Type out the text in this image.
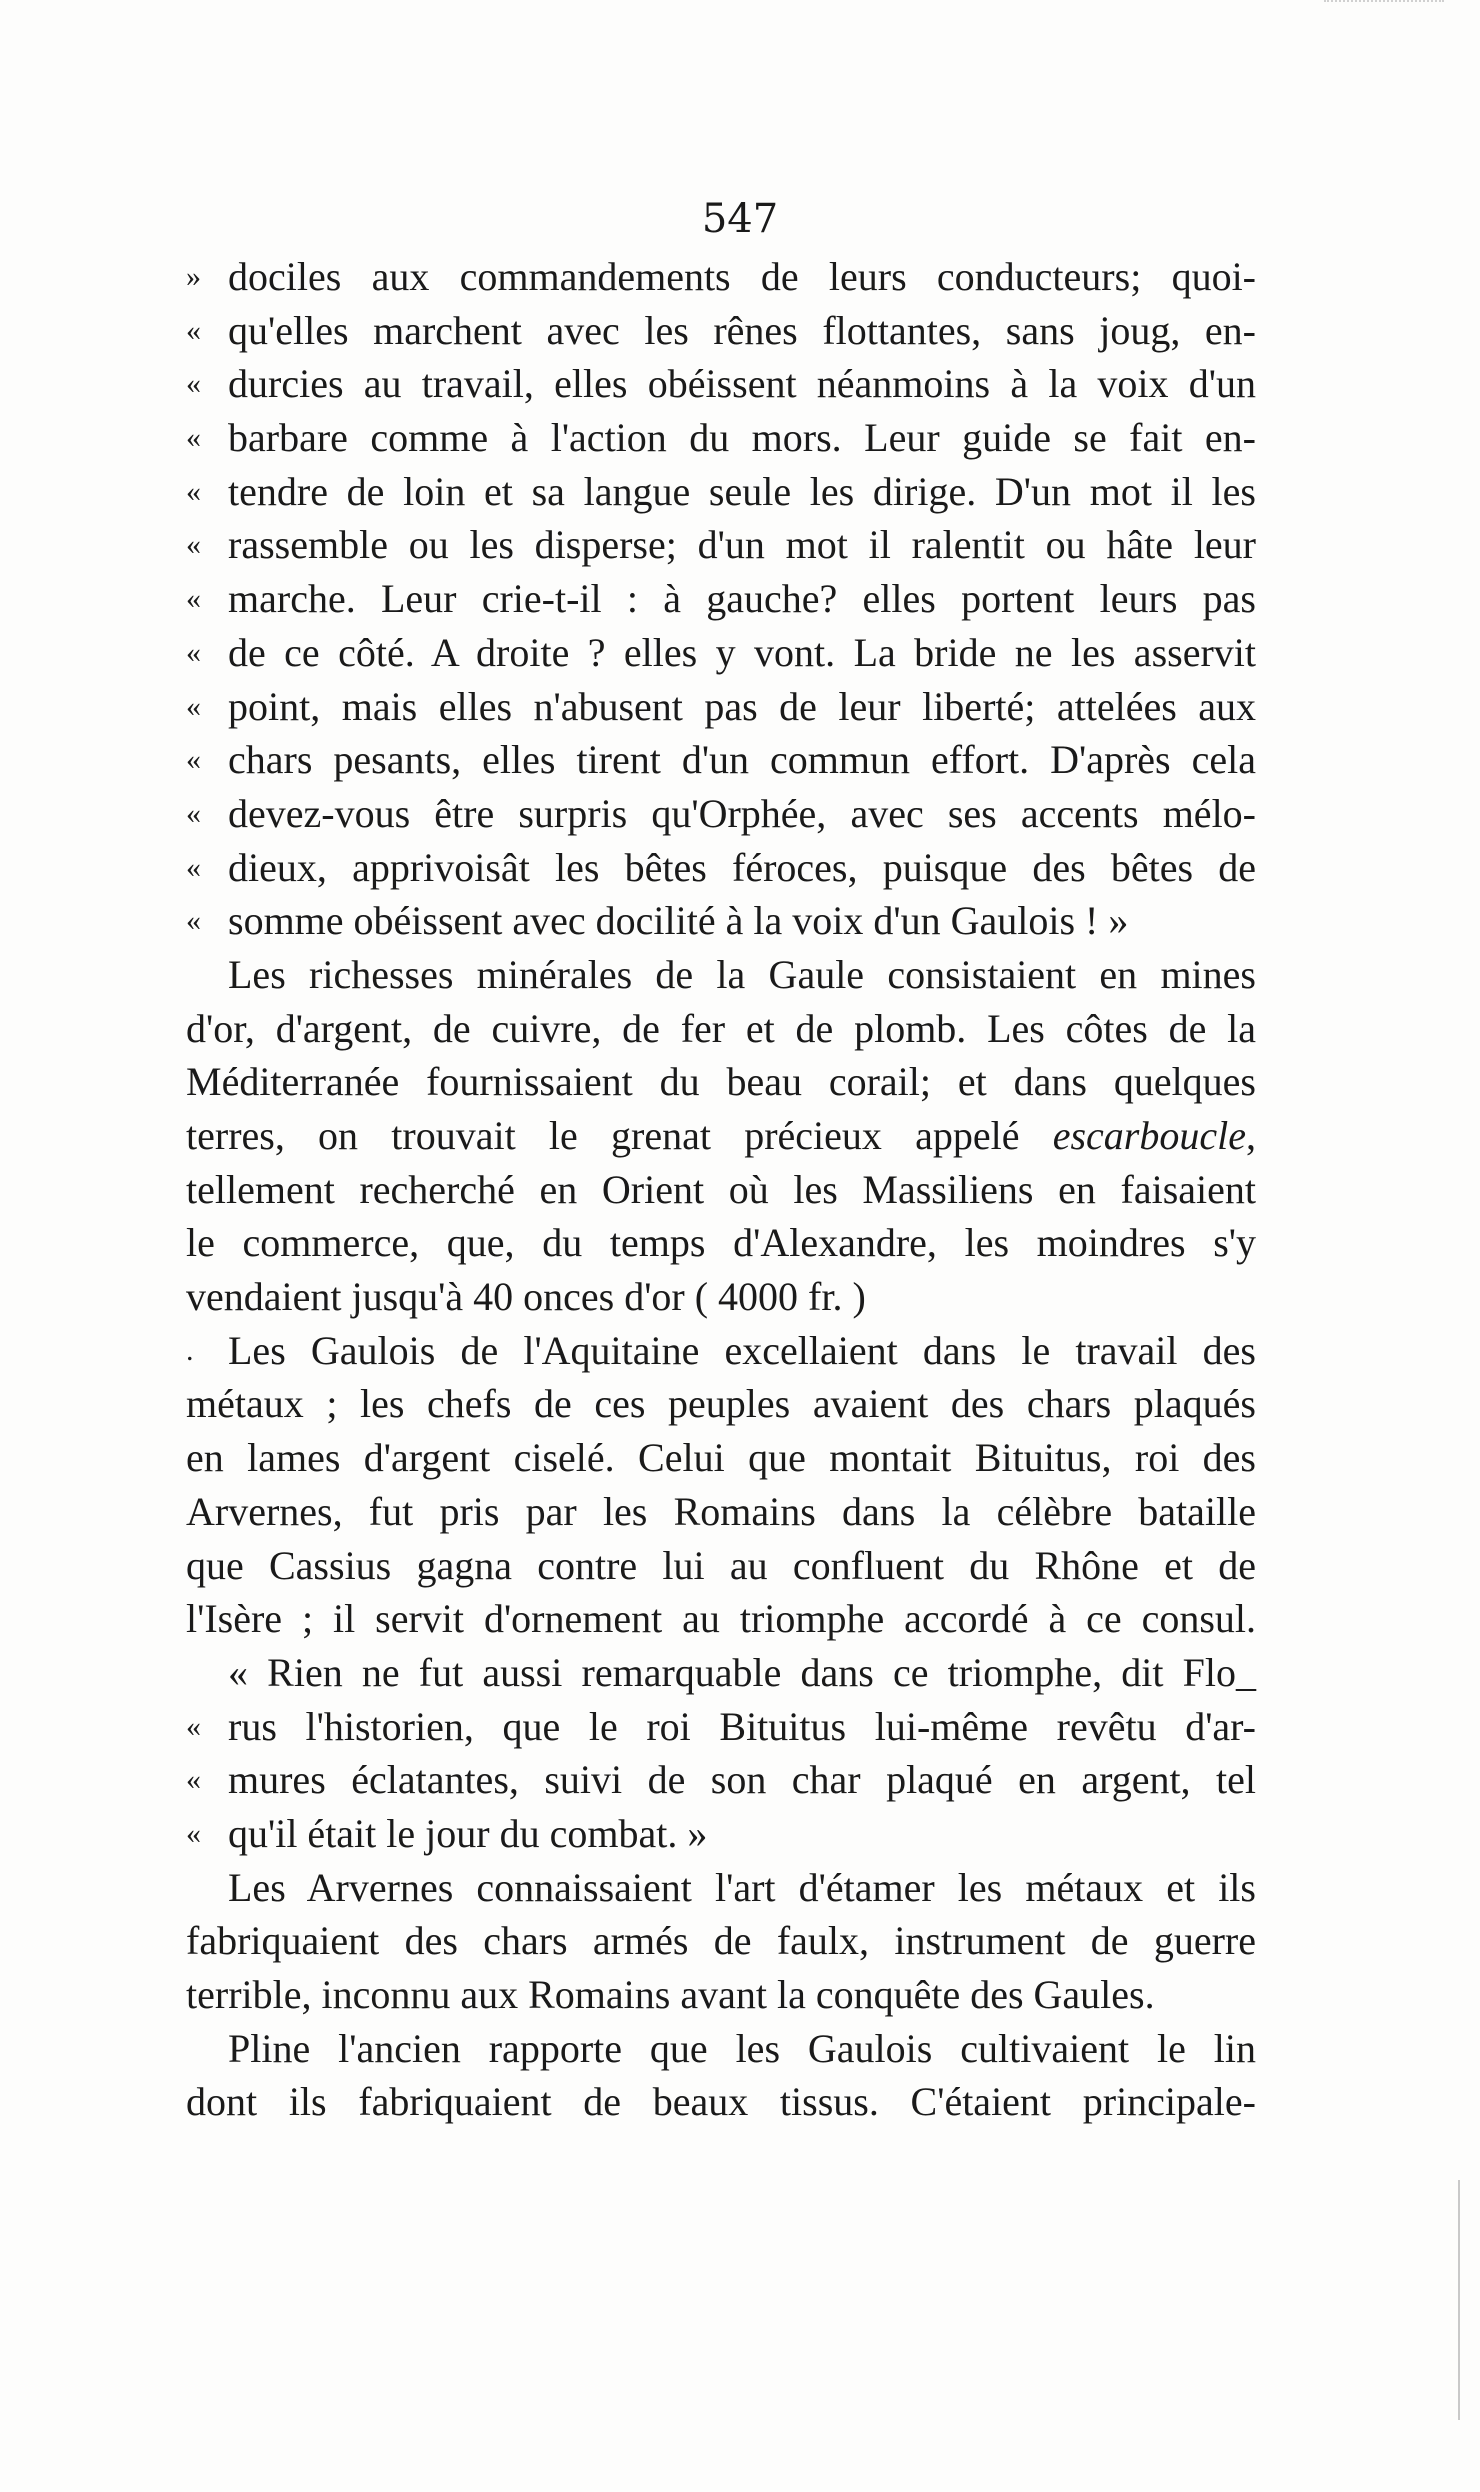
547
» dociles aux commandements de leurs conducteurs; quoi-
« qu'elles marchent avec les rênes flottantes, sans joug, en-
« durcies au travail, elles obéissent néanmoins à la voix d'un
« barbare comme à l'action du mors. Leur guide se fait en-
« tendre de loin et sa langue seule les dirige. D'un mot il les
« rassemble ou les disperse; d'un mot il ralentit ou hâte leur
« marche. Leur crie-t-il : à gauche? elles portent leurs pas
« de ce côté. A droite ? elles y vont. La bride ne les asservit
« point, mais elles n'abusent pas de leur liberté; attelées aux
« chars pesants, elles tirent d'un commun effort. D'après cela
« devez-vous être surpris qu'Orphée, avec ses accents mélo-
« dieux, apprivoisât les bêtes féroces, puisque des bêtes de
« somme obéissent avec docilité à la voix d'un Gaulois ! »
Les richesses minérales de la Gaule consistaient en mines
d'or, d'argent, de cuivre, de fer et de plomb. Les côtes de la
Méditerranée fournissaient du beau corail; et dans quelques
terres, on trouvait le grenat précieux appelé escarboucle,
tellement recherché en Orient où les Massiliens en faisaient
le commerce, que, du temps d'Alexandre, les moindres s'y
vendaient jusqu'à 40 onces d'or ( 4000 fr. )
. Les Gaulois de l'Aquitaine excellaient dans le travail des
métaux ; les chefs de ces peuples avaient des chars plaqués
en lames d'argent ciselé. Celui que montait Bituitus, roi des
Arvernes, fut pris par les Romains dans la célèbre bataille
que Cassius gagna contre lui au confluent du Rhône et de
l'Isère ; il servit d'ornement au triomphe accordé à ce consul.
« Rien ne fut aussi remarquable dans ce triomphe, dit Flo_
« rus l'historien, que le roi Bituitus lui-même revêtu d'ar-
« mures éclatantes, suivi de son char plaqué en argent, tel
« qu'il était le jour du combat. »
Les Arvernes connaissaient l'art d'étamer les métaux et ils
fabriquaient des chars armés de faulx, instrument de guerre
terrible, inconnu aux Romains avant la conquête des Gaules.
Pline l'ancien rapporte que les Gaulois cultivaient le lin
dont ils fabriquaient de beaux tissus. C'étaient principale-
